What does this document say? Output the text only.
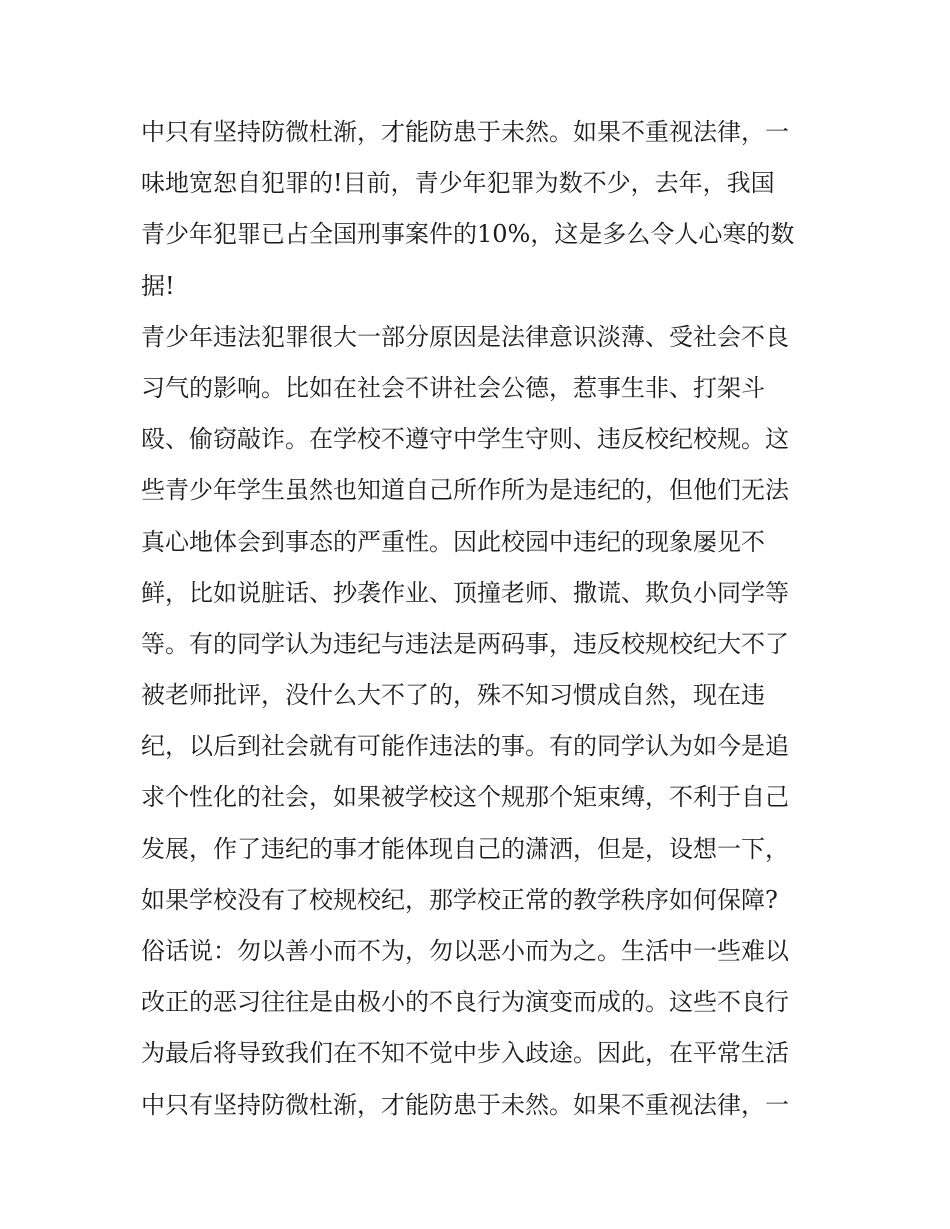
中只有坚持防微杜渐，才能防患于未然。如果不重视法律，一
味地宽恕自犯罪的!目前，青少年犯罪为数不少，去年，我国
青少年犯罪已占全国刑事案件的10%，这是多么令人心寒的数
据!
青少年违法犯罪很大一部分原因是法律意识淡薄、受社会不良
习气的影响。比如在社会不讲社会公德，惹事生非、打架斗
殴、偷窃敲诈。在学校不遵守中学生守则、违反校纪校规。这
些青少年学生虽然也知道自己所作所为是违纪的，但他们无法
真心地体会到事态的严重性。因此校园中违纪的现象屡见不
鲜，比如说脏话、抄袭作业、顶撞老师、撒谎、欺负小同学等
等。有的同学认为违纪与违法是两码事，违反校规校纪大不了
被老师批评，没什么大不了的，殊不知习惯成自然，现在违
纪，以后到社会就有可能作违法的事。有的同学认为如今是追
求个性化的社会，如果被学校这个规那个矩束缚，不利于自己
发展，作了违纪的事才能体现自己的潇洒，但是，设想一下，
如果学校没有了校规校纪，那学校正常的教学秩序如何保障?
俗话说：勿以善小而不为，勿以恶小而为之。生活中一些难以
改正的恶习往往是由极小的不良行为演变而成的。这些不良行
为最后将导致我们在不知不觉中步入歧途。因此，在平常生活
中只有坚持防微杜渐，才能防患于未然。如果不重视法律，一
